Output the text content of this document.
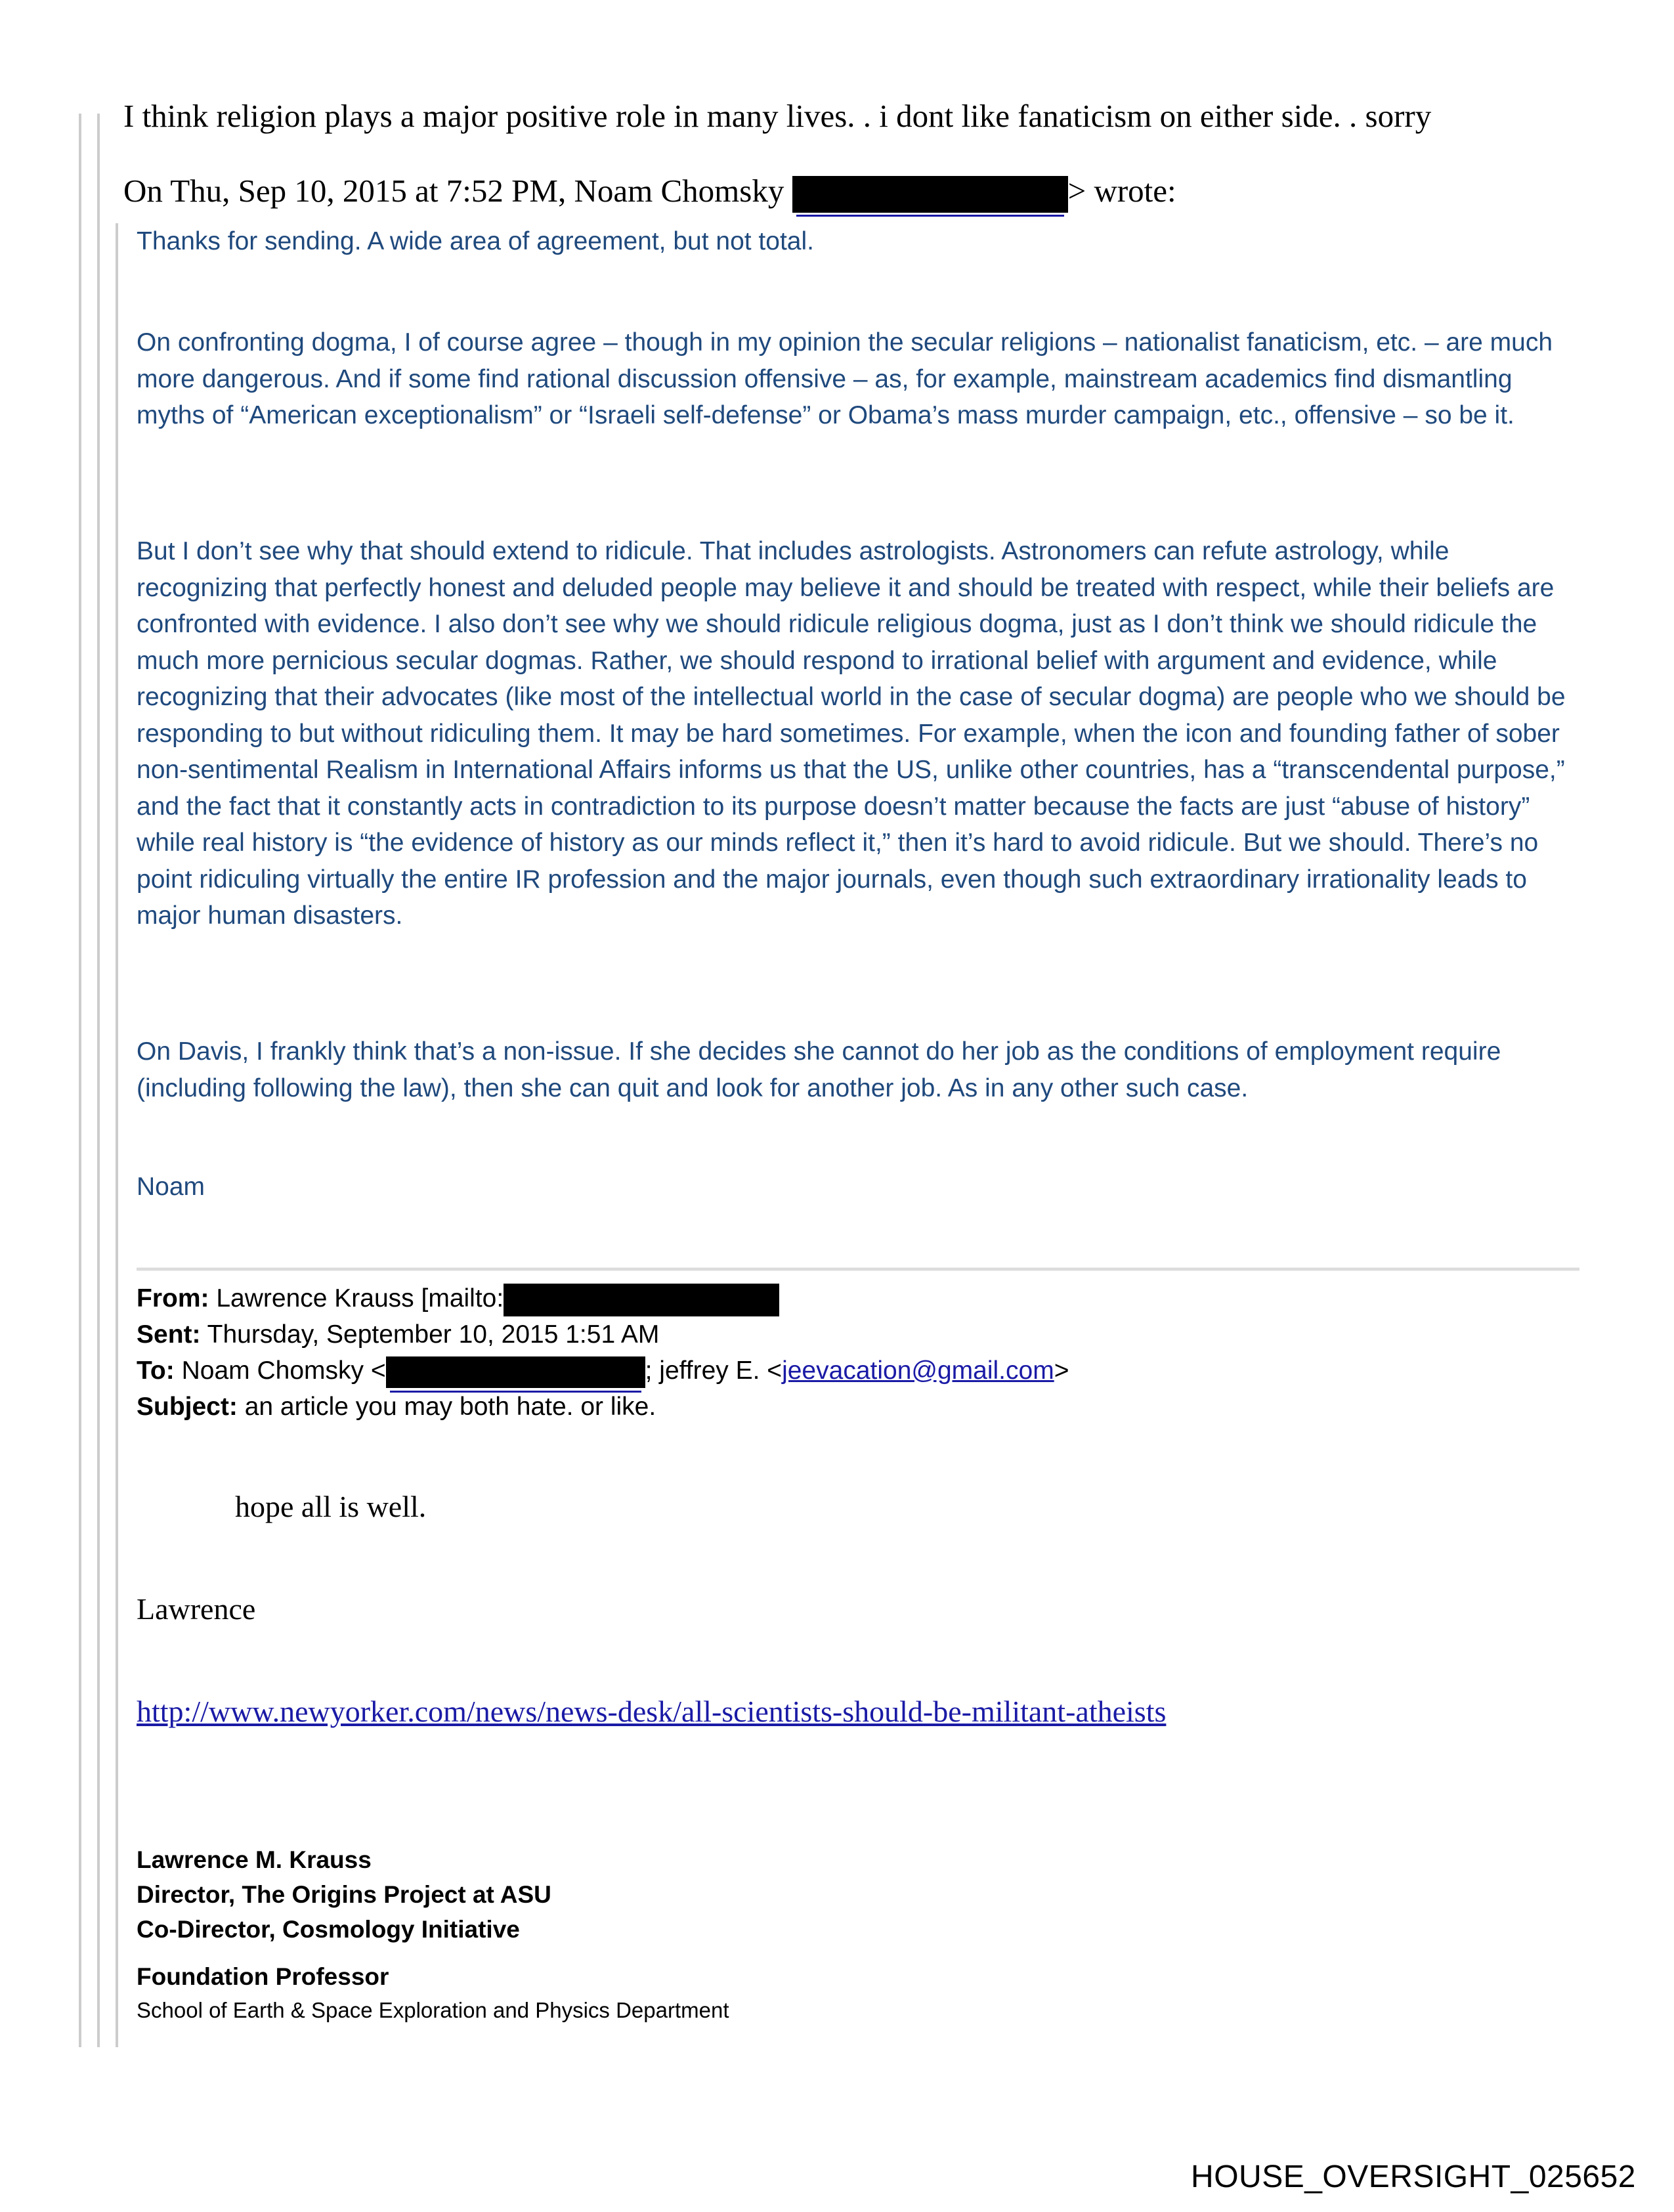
I think religion plays a major positive role in many lives. . i dont like fanaticism on either side. . sorry
On Thu, Sep 10, 2015 at 7:52 PM, Noam Chomsky	> wrote:

Thanks for sending. A wide area of agreement, but not total.

On confronting dogma, I of course agree – though in my opinion the secular religions – nationalist fanaticism, etc. – are much more dangerous. And if some find rational discussion offensive – as, for example, mainstream academics find dismantling myths of “American exceptionalism” or “Israeli self-defense” or Obama’s mass murder campaign, etc., offensive – so be it.

But I don’t see why that should extend to ridicule. That includes astrologists. Astronomers can refute astrology, while recognizing that perfectly honest and deluded people may believe it and should be treated with respect, while their beliefs are confronted with evidence. I also don’t see why we should ridicule religious dogma, just as I don’t think we should ridicule the much more pernicious secular dogmas. Rather, we should respond to irrational belief with argument and evidence, while recognizing that their advocates (like most of the intellectual world in the case of secular dogma) are people who we should be responding to but without ridiculing them. It may be hard sometimes. For example, when the icon and founding father of sober non-sentimental Realism in International Affairs informs us that the US, unlike other countries, has a “transcendental purpose,” and the fact that it constantly acts in contradiction to its purpose doesn’t matter because the facts are just “abuse of history” while real history is “the evidence of history as our minds reflect it,” then it’s hard to avoid ridicule. But we should. There’s no point ridiculing virtually the entire IR profession and the major journals, even though such extraordinary irrationality leads to major human disasters.

On Davis, I frankly think that’s a non-issue. If she decides she cannot do her job as the conditions of employment require (including following the law), then she can quit and look for another job. As in any other such case.

Noam

From: Lawrence Krauss [mailto:
Sent: Thursday, September 10, 2015 1:51 AM
To: Noam Chomsky <	; jeffrey E. <jeevacation@gmail.com>
Subject: an article you may both hate. or like.
hope all is well.
Lawrence
http://www.newyorker.com/news/news-desk/all-scientists-should-be-militant-atheists
Lawrence M. Krauss
Director, The Origins Project at ASU
Co-Director, Cosmology Initiative
Foundation Professor
School of Earth & Space Exploration and Physics Department
HOUSE_OVERSIGHT_025652
